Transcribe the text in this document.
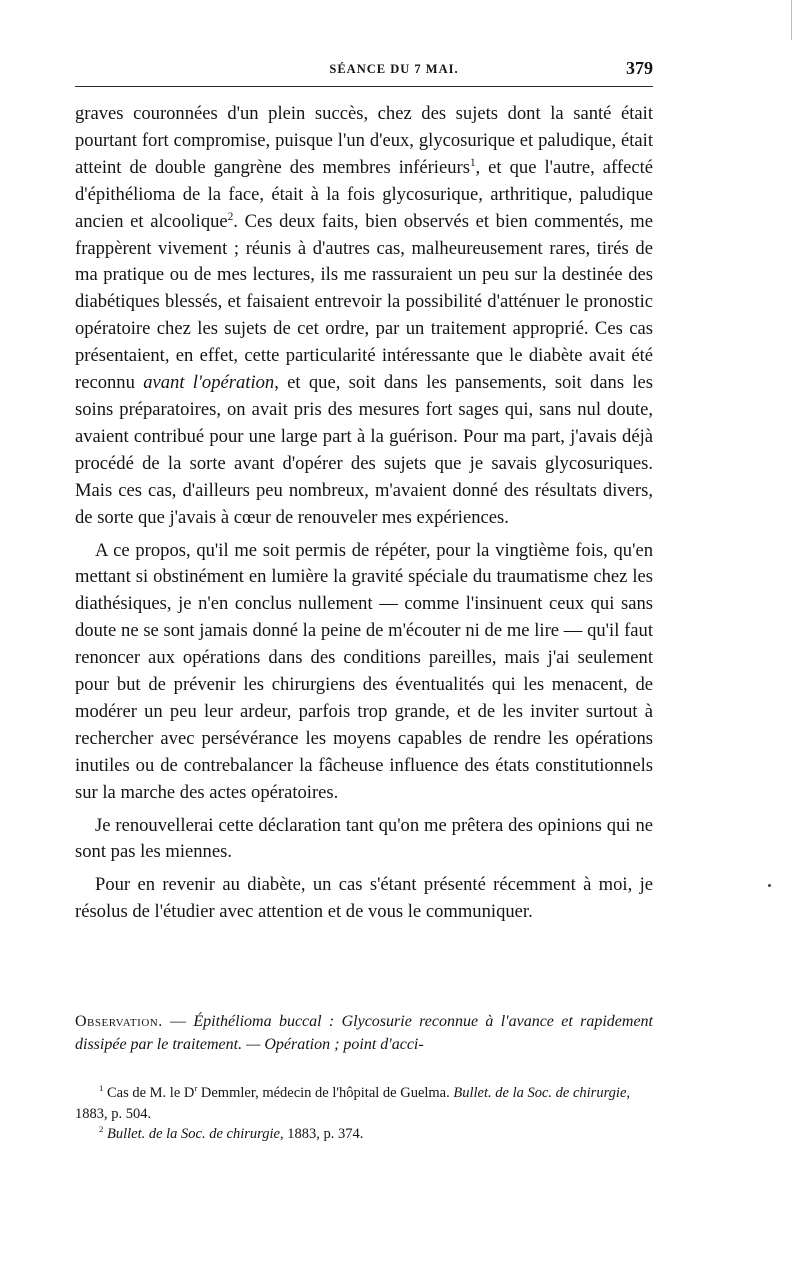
SÉANCE DU 7 MAI.	379

graves couronnées d'un plein succès, chez des sujets dont la santé était pourtant fort compromise, puisque l'un d'eux, glycosurique et paludique, était atteint de double gangrène des membres inférieurs$^1$, et que l'autre, affecté d'épithélioma de la face, était à la fois glycosurique, arthritique, paludique ancien et alcoolique$^2$. Ces deux faits, bien observés et bien commentés, me frappèrent vivement ; réunis à d'autres cas, malheureusement rares, tirés de ma pratique ou de mes lectures, ils me rassuraient un peu sur la destinée des diabétiques blessés, et faisaient entrevoir la possibilité d'atténuer le pronostic opératoire chez les sujets de cet ordre, par un traitement approprié. Ces cas présentaient, en effet, cette particularité intéressante que le diabète avait été reconnu avant l'opération, et que, soit dans les pansements, soit dans les soins préparatoires, on avait pris des mesures fort sages qui, sans nul doute, avaient contribué pour une large part à la guérison. Pour ma part, j'avais déjà procédé de la sorte avant d'opérer des sujets que je savais glycosuriques. Mais ces cas, d'ailleurs peu nombreux, m'avaient donné des résultats divers, de sorte que j'avais à cœur de renouveler mes expériences.

A ce propos, qu'il me soit permis de répéter, pour la vingtième fois, qu'en mettant si obstinément en lumière la gravité spéciale du traumatisme chez les diathésiques, je n'en conclus nullement — comme l'insinuent ceux qui sans doute ne se sont jamais donné la peine de m'écouter ni de me lire — qu'il faut renoncer aux opérations dans des conditions pareilles, mais j'ai seulement pour but de prévenir les chirurgiens des éventualités qui les menacent, de modérer un peu leur ardeur, parfois trop grande, et de les inviter surtout à rechercher avec persévérance les moyens capables de rendre les opérations inutiles ou de contrebalancer la fâcheuse influence des états constitutionnels sur la marche des actes opératoires.

Je renouvellerai cette déclaration tant qu'on me prêtera des opinions qui ne sont pas les miennes.

Pour en revenir au diabète, un cas s'étant présenté récemment à moi, je résolus de l'étudier avec attention et de vous le communiquer.

Observation. — Épithélioma buccal : Glycosurie reconnue à l'avance et rapidement dissipée par le traitement. — Opération ; point d'acci-

$^1$ Cas de M. le $D^r$ Demmler, médecin de l'hôpital de Guelma. Bullet. de la Soc. de chirurgie, 1883, p. 504.

$^2$ Bullet. de la Soc. de chirurgie, 1883, p. 374.
